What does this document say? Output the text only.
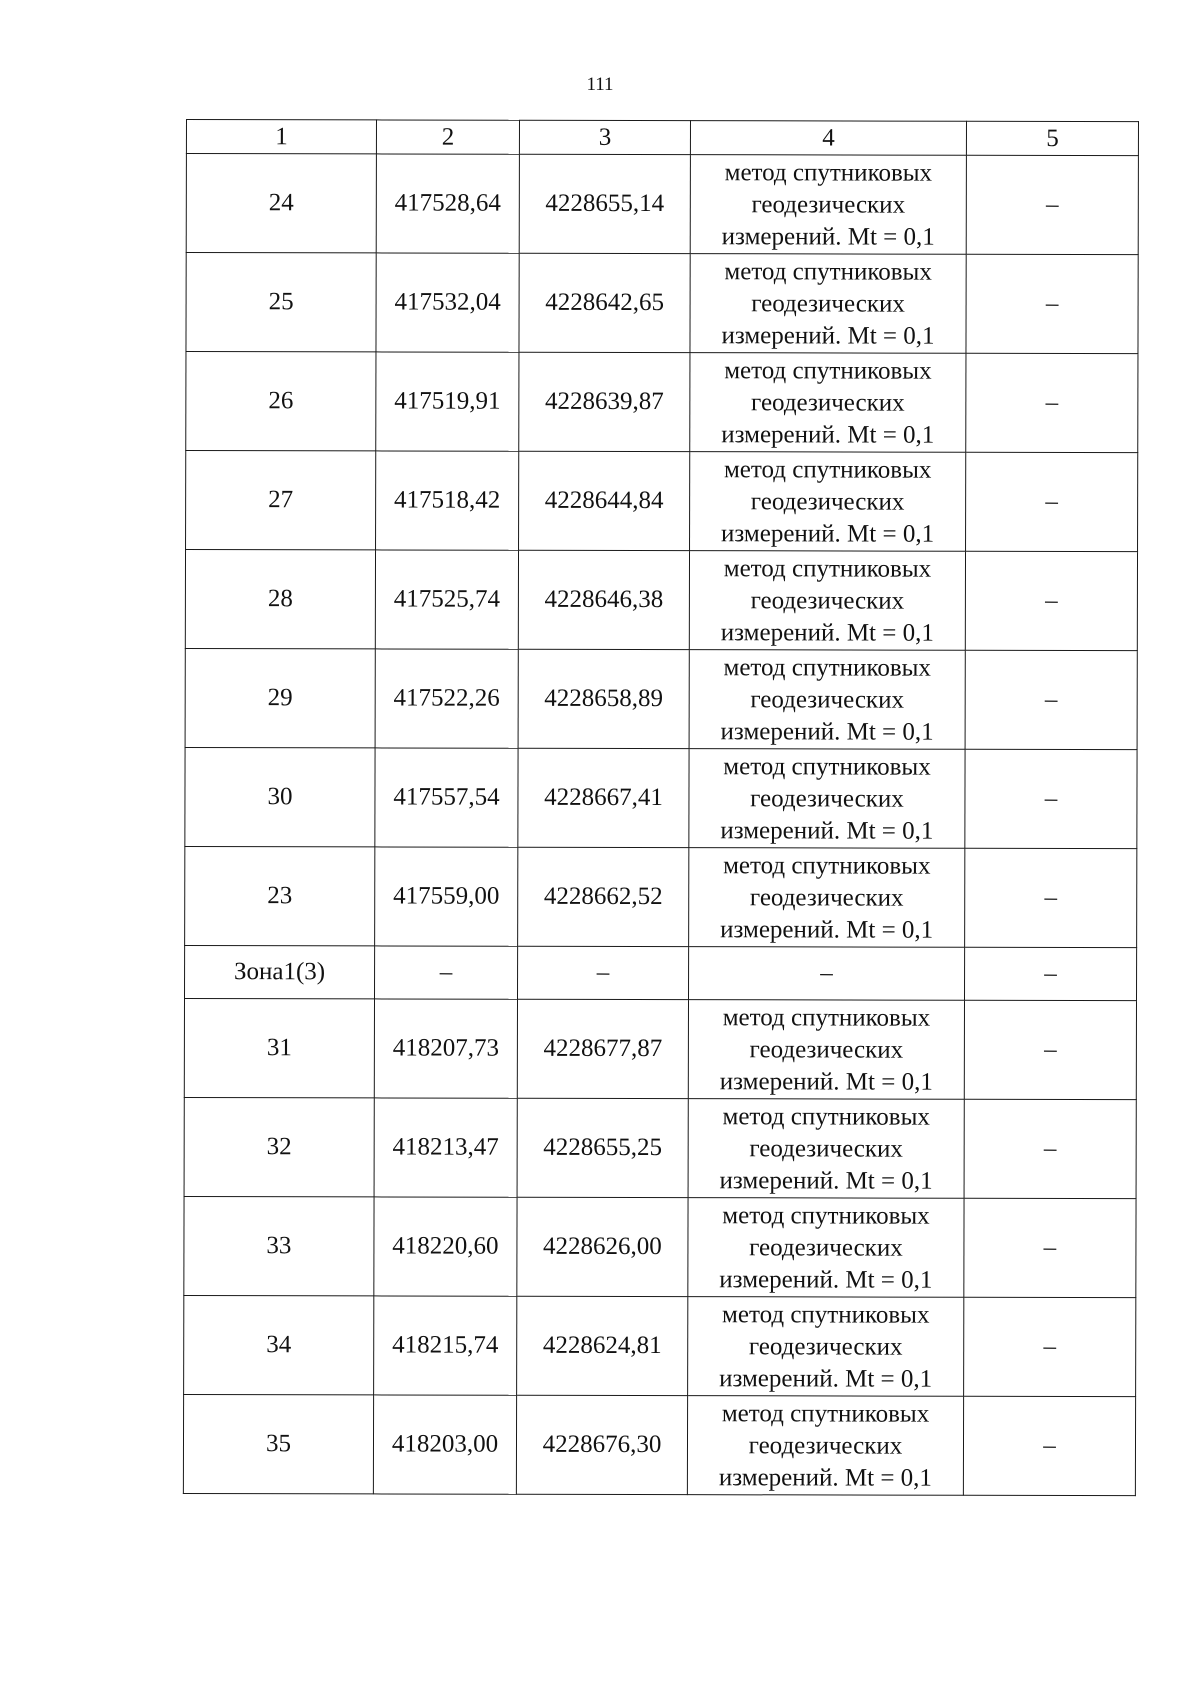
111
1	2	3	4	5
24	417528,64	4228655,14	метод спутниковых
геодезических
измерений. Mt = 0,1	–
25	417532,04	4228642,65	метод спутниковых
геодезических
измерений. Mt = 0,1	–
26	417519,91	4228639,87	метод спутниковых
геодезических
измерений. Mt = 0,1	–
27	417518,42	4228644,84	метод спутниковых
геодезических
измерений. Mt = 0,1	–
28	417525,74	4228646,38	метод спутниковых
геодезических
измерений. Mt = 0,1	–
29	417522,26	4228658,89	метод спутниковых
геодезических
измерений. Mt = 0,1	–
30	417557,54	4228667,41	метод спутниковых
геодезических
измерений. Mt = 0,1	–
23	417559,00	4228662,52	метод спутниковых
геодезических
измерений. Mt = 0,1	–
Зона1(3)	–	–	–	–
31	418207,73	4228677,87	метод спутниковых
геодезических
измерений. Mt = 0,1	–
32	418213,47	4228655,25	метод спутниковых
геодезических
измерений. Mt = 0,1	–
33	418220,60	4228626,00	метод спутниковых
геодезических
измерений. Mt = 0,1	–
34	418215,74	4228624,81	метод спутниковых
геодезических
измерений. Mt = 0,1	–
35	418203,00	4228676,30	метод спутниковых
геодезических
измерений. Mt = 0,1	–
